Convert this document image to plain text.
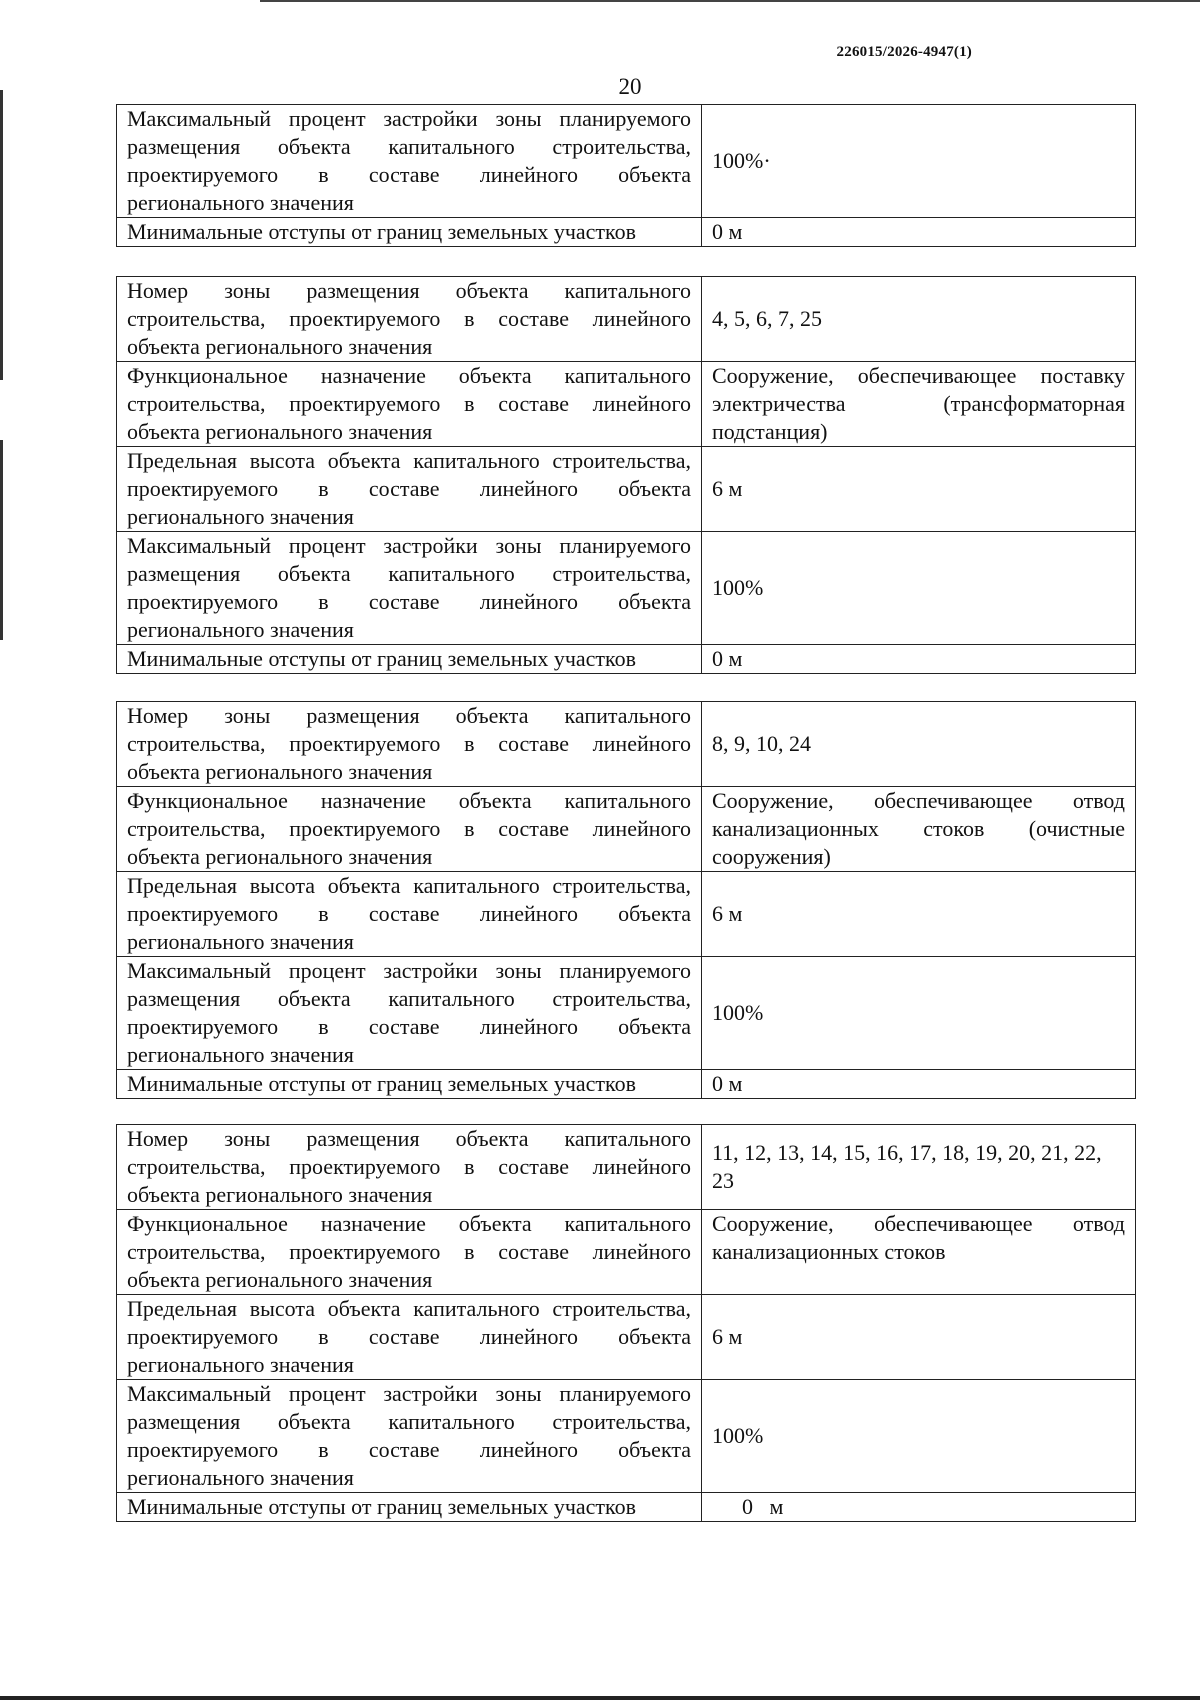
226015/2026-4947(1)
20
Максимальный процент застройки зоны планируемого размещения объекта капитального строительства, проектируемого в составе линейного объекта регионального значения	100%·
Минимальные отступы от границ земельных участков	0 м
Номер зоны размещения объекта капитального строительства, проектируемого в составе линейного объекта регионального значения	4, 5, 6, 7, 25
Функциональное назначение объекта капитального строительства, проектируемого в составе линейного объекта регионального значения	Сооружение, обеспечивающее поставку электричества (трансформаторная подстанция)
Предельная высота объекта капитального строительства, проектируемого в составе линейного объекта регионального значения	6 м
Максимальный процент застройки зоны планируемого размещения объекта капитального строительства, проектируемого в составе линейного объекта регионального значения	100%
Минимальные отступы от границ земельных участков	0 м
Номер зоны размещения объекта капитального строительства, проектируемого в составе линейного объекта регионального значения	8, 9, 10, 24
Функциональное назначение объекта капитального строительства, проектируемого в составе линейного объекта регионального значения	Сооружение, обеспечивающее отвод канализационных стоков (очистные сооружения)
Предельная высота объекта капитального строительства, проектируемого в составе линейного объекта регионального значения	6 м
Максимальный процент застройки зоны планируемого размещения объекта капитального строительства, проектируемого в составе линейного объекта регионального значения	100%
Минимальные отступы от границ земельных участков	0 м
Номер зоны размещения объекта капитального строительства, проектируемого в составе линейного объекта регионального значения	11, 12, 13, 14, 15, 16, 17, 18, 19, 20, 21, 22, 23
Функциональное назначение объекта капитального строительства, проектируемого в составе линейного объекта регионального значения	Сооружение, обеспечивающее отвод канализационных стоков
Предельная высота объекта капитального строительства, проектируемого в составе линейного объекта регионального значения	6 м
Максимальный процент застройки зоны планируемого размещения объекта капитального строительства, проектируемого в составе линейного объекта регионального значения	100%
Минимальные отступы от границ земельных участков	0   м
